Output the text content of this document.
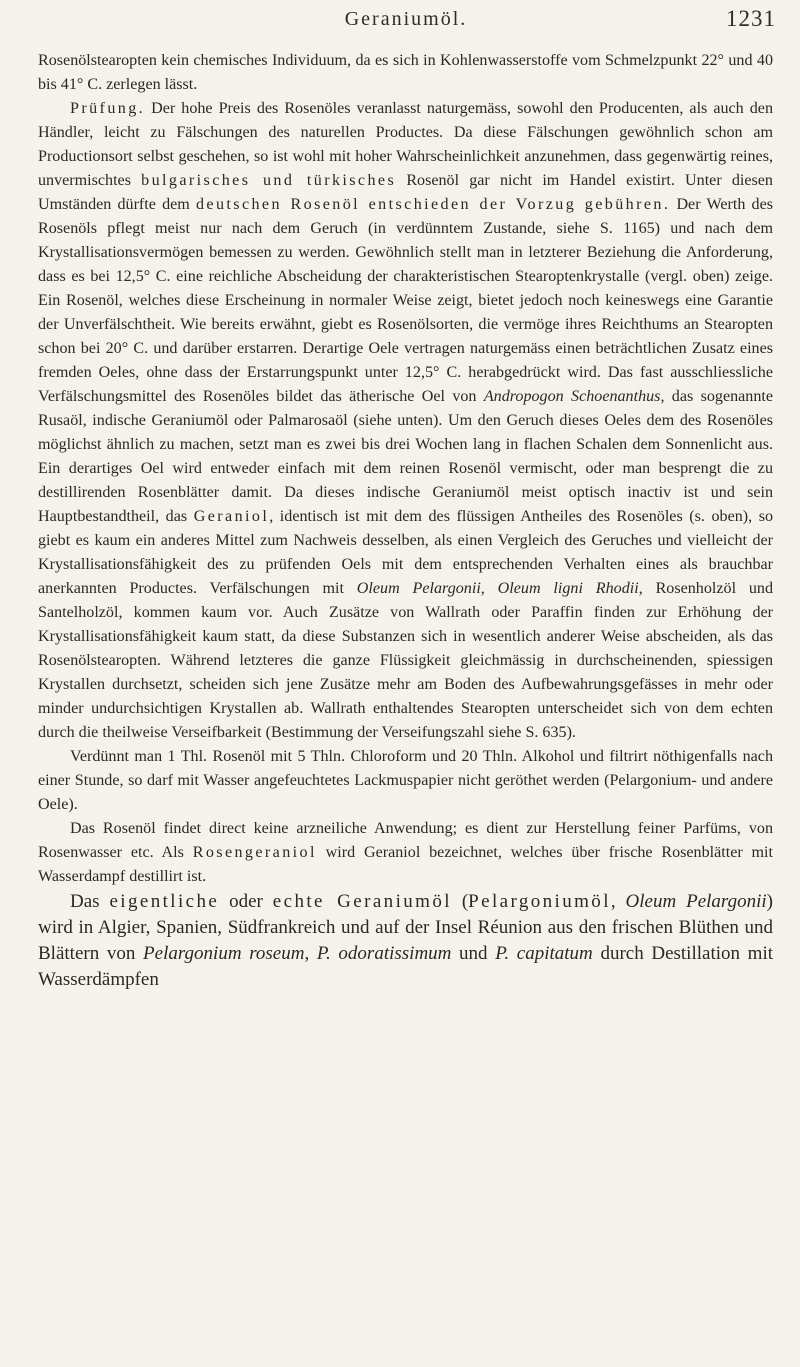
Geraniumöl.	1231

Rosenölstearopten kein chemisches Individuum, da es sich in Kohlenwasserstoffe vom Schmelzpunkt 22° und 40 bis 41° C. zerlegen lässt.

Prüfung. Der hohe Preis des Rosenöles veranlasst naturgemäss, sowohl den Producenten, als auch den Händler, leicht zu Fälschungen des naturellen Productes. Da diese Fälschungen gewöhnlich schon am Productionsort selbst geschehen, so ist wohl mit hoher Wahrscheinlichkeit anzunehmen, dass gegenwärtig reines, unvermischtes bulgarisches und türkisches Rosenöl gar nicht im Handel existirt. Unter diesen Umständen dürfte dem deutschen Rosenöl entschieden der Vorzug gebühren. Der Werth des Rosenöls pflegt meist nur nach dem Geruch (in verdünntem Zustande, siehe S. 1165) und nach dem Krystallisationsvermögen bemessen zu werden. Gewöhnlich stellt man in letzterer Beziehung die Anforderung, dass es bei 12,5° C. eine reichliche Abscheidung der charakteristischen Stearoptenkrystalle (vergl. oben) zeige. Ein Rosenöl, welches diese Erscheinung in normaler Weise zeigt, bietet jedoch noch keineswegs eine Garantie der Unverfälschtheit. Wie bereits erwähnt, giebt es Rosenölsorten, die vermöge ihres Reichthums an Stearopten schon bei 20° C. und darüber erstarren. Derartige Oele vertragen naturgemäss einen beträchtlichen Zusatz eines fremden Oeles, ohne dass der Erstarrungspunkt unter 12,5° C. herabgedrückt wird. Das fast ausschliessliche Verfälschungsmittel des Rosenöles bildet das ätherische Oel von Andropogon Schoenanthus, das sogenannte Rusaöl, indische Geraniumöl oder Palmarosaöl (siehe unten). Um den Geruch dieses Oeles dem des Rosenöles möglichst ähnlich zu machen, setzt man es zwei bis drei Wochen lang in flachen Schalen dem Sonnenlicht aus. Ein derartiges Oel wird entweder einfach mit dem reinen Rosenöl vermischt, oder man besprengt die zu destillirenden Rosenblätter damit. Da dieses indische Geraniumöl meist optisch inactiv ist und sein Hauptbestandtheil, das Geraniol, identisch ist mit dem des flüssigen Antheiles des Rosenöles (s. oben), so giebt es kaum ein anderes Mittel zum Nachweis desselben, als einen Vergleich des Geruches und vielleicht der Krystallisationsfähigkeit des zu prüfenden Oels mit dem entsprechenden Verhalten eines als brauchbar anerkannten Productes. Verfälschungen mit Oleum Pelargonii, Oleum ligni Rhodii, Rosenholzöl und Santelholzöl, kommen kaum vor. Auch Zusätze von Wallrath oder Paraffin finden zur Erhöhung der Krystallisationsfähigkeit kaum statt, da diese Substanzen sich in wesentlich anderer Weise abscheiden, als das Rosenölstearopten. Während letzteres die ganze Flüssigkeit gleichmässig in durchscheinenden, spiessigen Krystallen durchsetzt, scheiden sich jene Zusätze mehr am Boden des Aufbewahrungsgefässes in mehr oder minder undurchsichtigen Krystallen ab. Wallrath enthaltendes Stearopten unterscheidet sich von dem echten durch die theilweise Verseifbarkeit (Bestimmung der Verseifungszahl siehe S. 635).

Verdünnt man 1 Thl. Rosenöl mit 5 Thln. Chloroform und 20 Thln. Alkohol und filtrirt nöthigenfalls nach einer Stunde, so darf mit Wasser angefeuchtetes Lackmuspapier nicht geröthet werden (Pelargonium- und andere Oele).

Das Rosenöl findet direct keine arzneiliche Anwendung; es dient zur Herstellung feiner Parfüms, von Rosenwasser etc. Als Rosengeraniol wird Geraniol bezeichnet, welches über frische Rosenblätter mit Wasserdampf destillirt ist.

Das eigentliche oder echte Geraniumöl (Pelargoniumöl, Oleum Pelargonii) wird in Algier, Spanien, Südfrankreich und auf der Insel Réunion aus den frischen Blüthen und Blättern von Pelargonium roseum, P. odoratissimum und P. capitatum durch Destillation mit Wasserdämpfen
